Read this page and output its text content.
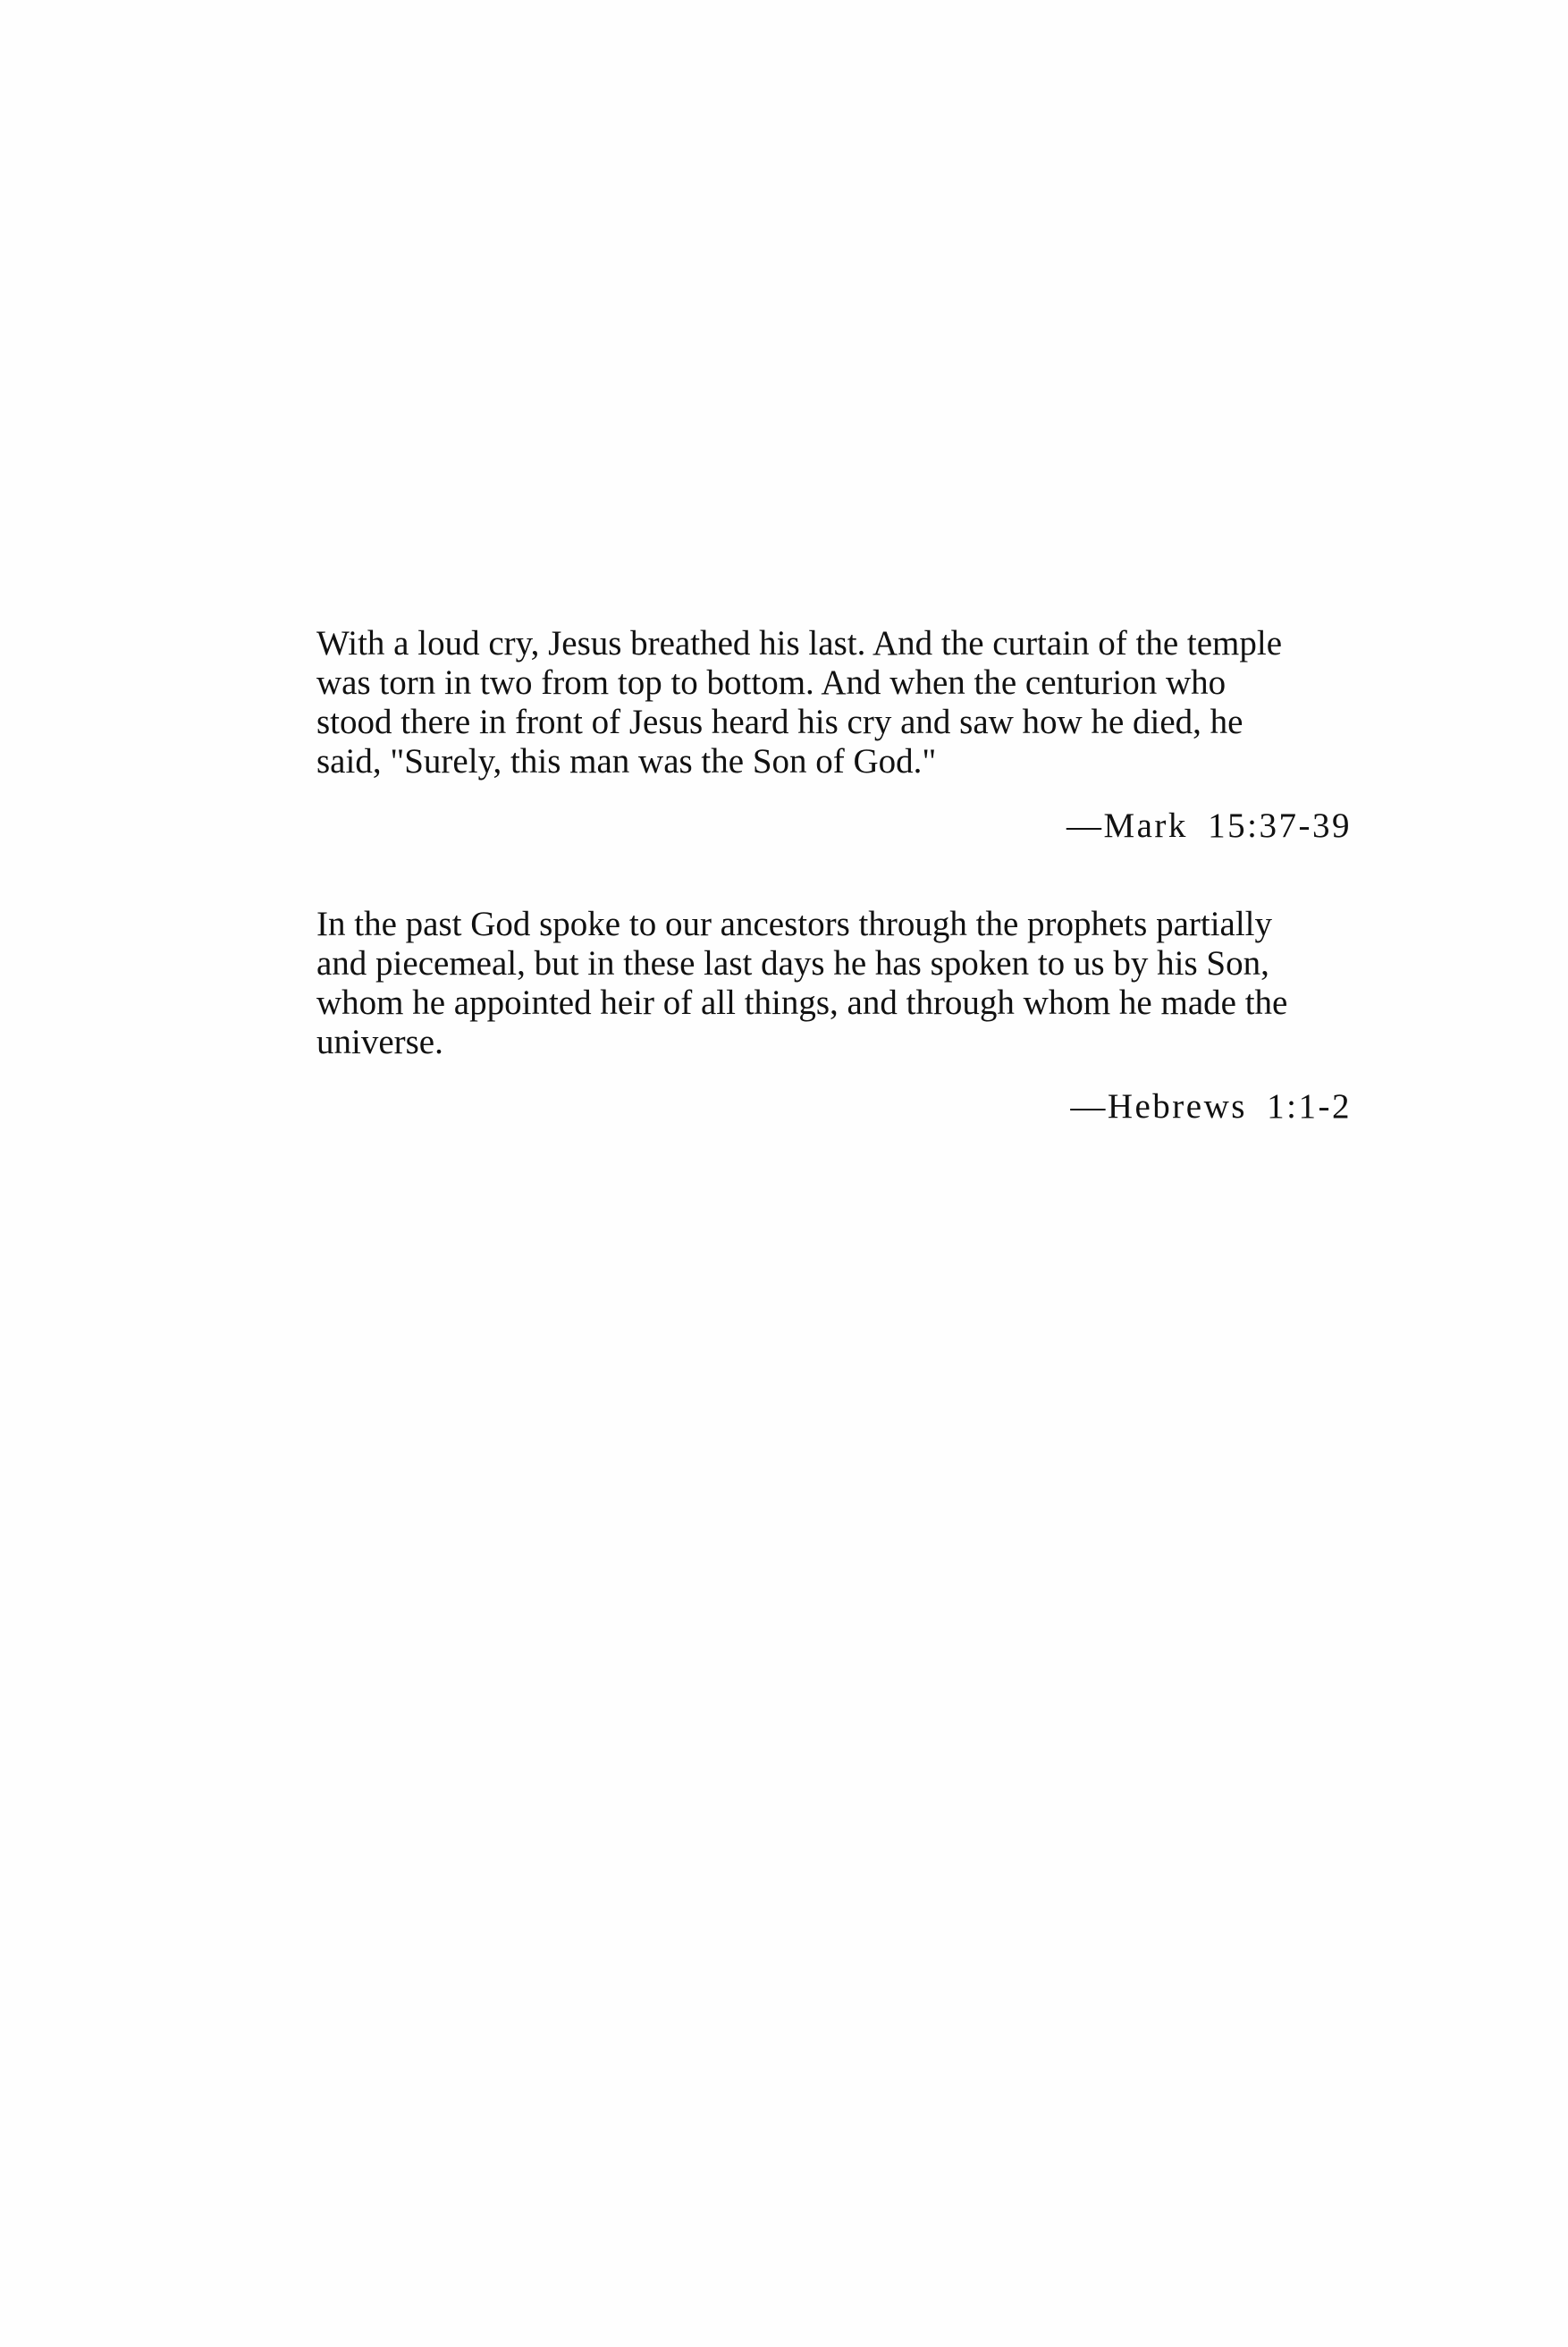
With a loud cry, Jesus breathed his last. And the curtain of the temple
was torn in two from top to bottom. And when the centurion who
stood there in front of Jesus heard his cry and saw how he died, he
said, "Surely, this man was the Son of God."

—Mark 15:37-39

In the past God spoke to our ancestors through the prophets partially
and piecemeal, but in these last days he has spoken to us by his Son,
whom he appointed heir of all things, and through whom he made the
universe.

—Hebrews 1:1-2
